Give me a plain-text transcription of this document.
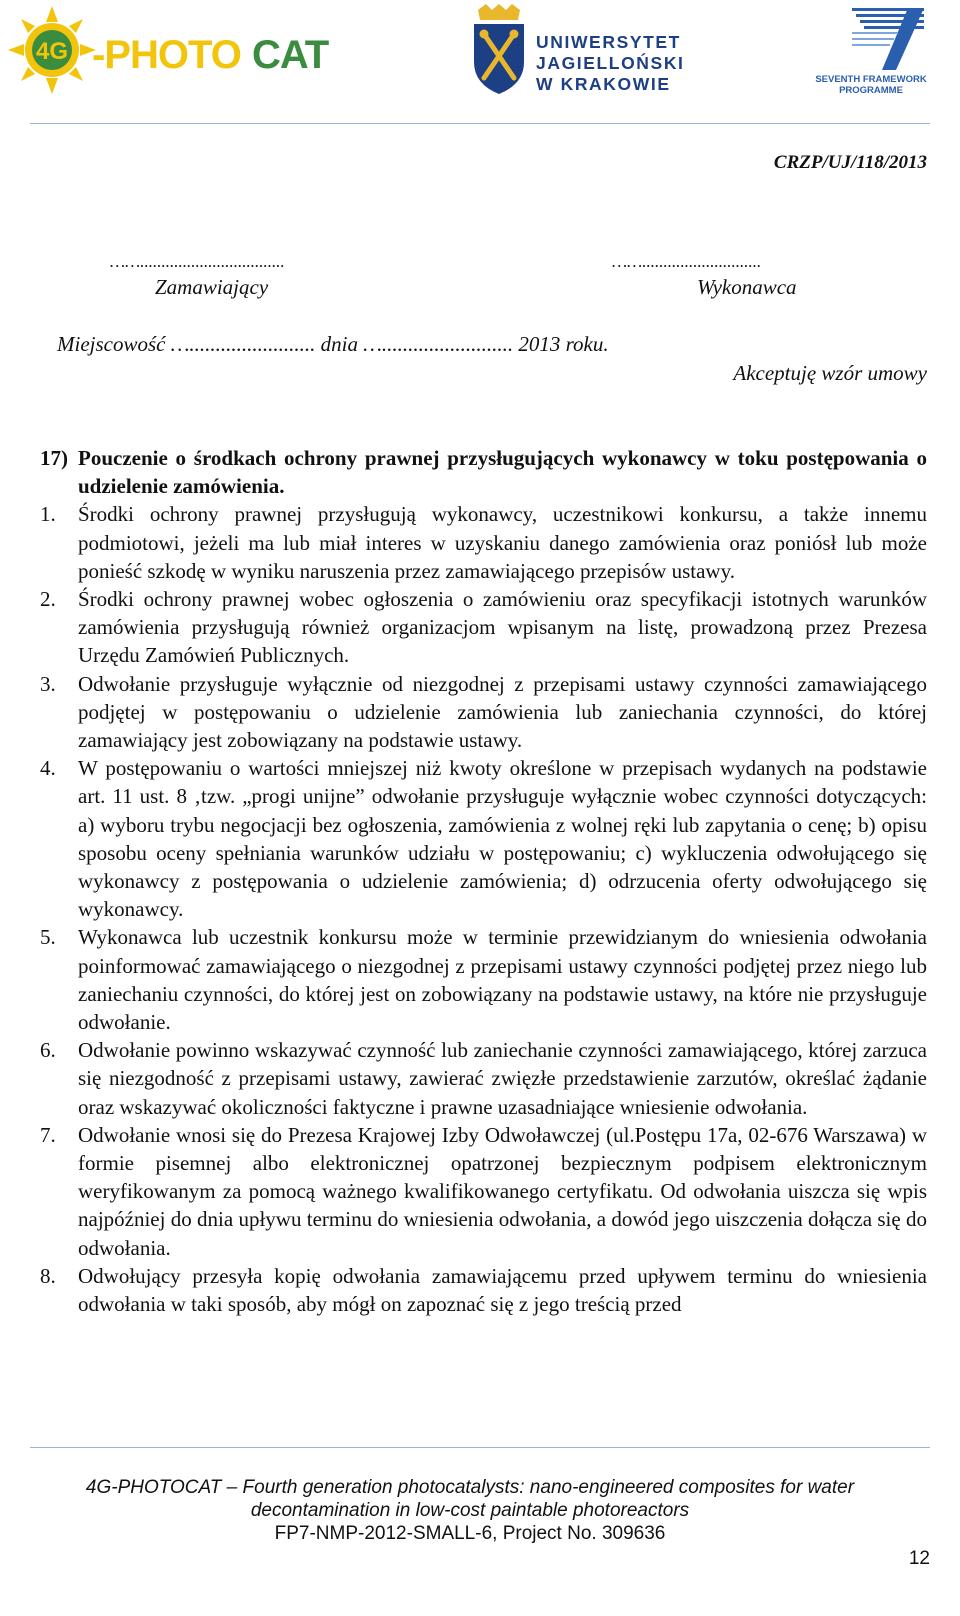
4G -PHOTO CAT	UNIWERSYTET
JAGIELLOŃSKI
W KRAKOWIE	SEVENTH FRAMEWORK
PROGRAMME
CRZP/UJ/118/2013
……..................................	……............................
Zamawiający	Wykonawca
Miejscowość …........................ dnia …......................... 2013 roku.
Akceptuję wzór umowy
17) Pouczenie o środkach ochrony prawnej przysługujących wykonawcy w toku postępowania o udzielenie zamówienia.
1.	Środki ochrony prawnej przysługują wykonawcy, uczestnikowi konkursu, a także innemu podmiotowi, jeżeli ma lub miał interes w uzyskaniu danego zamówienia oraz poniósł lub może ponieść szkodę w wyniku naruszenia przez zamawiającego przepisów ustawy.
2.	Środki ochrony prawnej wobec ogłoszenia o zamówieniu oraz specyfikacji istotnych warunków zamówienia przysługują również organizacjom wpisanym na listę, prowadzoną przez Prezesa Urzędu Zamówień Publicznych.
3.	Odwołanie przysługuje wyłącznie od niezgodnej z przepisami ustawy czynności zamawiającego podjętej w postępowaniu o udzielenie zamówienia lub zaniechania czynności, do której zamawiający jest zobowiązany na podstawie ustawy.
4.	W postępowaniu o wartości mniejszej niż kwoty określone w przepisach wydanych na podstawie art. 11 ust. 8 ‚tzw. „progi unijne” odwołanie przysługuje wyłącznie wobec czynności dotyczących: a) wyboru trybu negocjacji bez ogłoszenia, zamówienia z wolnej ręki lub zapytania o cenę; b) opisu sposobu oceny spełniania warunków udziału w postępowaniu; c) wykluczenia odwołującego się wykonawcy z postępowania o udzielenie zamówienia; d) odrzucenia oferty odwołującego się wykonawcy.
5.	Wykonawca lub uczestnik konkursu może w terminie przewidzianym do wniesienia odwołania poinformować zamawiającego o niezgodnej z przepisami ustawy czynności podjętej przez niego lub zaniechaniu czynności, do której jest on zobowiązany na podstawie ustawy, na które nie przysługuje odwołanie.
6.	Odwołanie powinno wskazywać czynność lub zaniechanie czynności zamawiającego, której zarzuca się niezgodność z przepisami ustawy, zawierać zwięzłe przedstawienie zarzutów, określać żądanie oraz wskazywać okoliczności faktyczne i prawne uzasadniające wniesienie odwołania.
7.	Odwołanie wnosi się do Prezesa Krajowej Izby Odwoławczej (ul.Postępu 17a, 02-676 Warszawa) w formie pisemnej albo elektronicznej opatrzonej bezpiecznym podpisem elektronicznym weryfikowanym za pomocą ważnego kwalifikowanego certyfikatu. Od odwołania uiszcza się wpis najpóźniej do dnia upływu terminu do wniesienia odwołania, a dowód jego uiszczenia dołącza się do odwołania.
8.	Odwołujący przesyła kopię odwołania zamawiającemu przed upływem terminu do wniesienia odwołania w taki sposób, aby mógł on zapoznać się z jego treścią przed
4G-PHOTOCAT – Fourth generation photocatalysts: nano-engineered composites for water
decontamination in low-cost paintable photoreactors
FP7-NMP-2012-SMALL-6, Project No. 309636
12
